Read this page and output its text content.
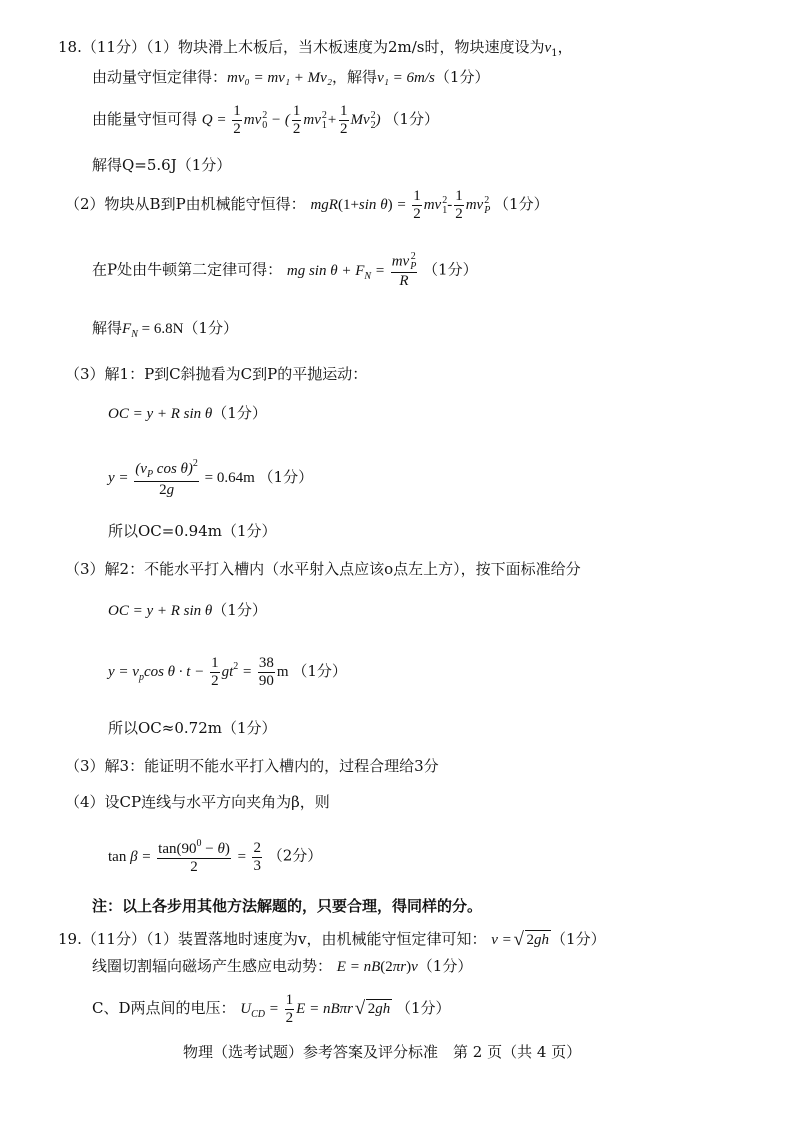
18.（11分）（1）物块滑上木板后，当木板速度为2m/s时，物块速度设为$v_1$，
由动量守恒定律得：mv₀ = mv₁ + Mv₂，解得v₁ = 6m/s（1分）
由能量守恒可得 $Q = \frac{1}{2}$ mv 2
0 − ( $\frac{1}{2}$ mv 2
$1 + \frac{1}{2}$ Mv 2
2 ) （1分）
解得Q=5.6J（1分）
（2）物块从B到P由机械能守恒得： mgR(1+sin $\theta) = \frac{1}{2}$ mv 2
$1 - \frac{1}{2}$ mv 2
P （1分）
在P处由牛顿第二定律可得： mg $\sin \theta + F_N$ = mv 2
P
R （1分）
解得$F_N = 6.8N(1$分）
（3）解1：P到C斜抛看为C到P的平抛运动：
OC = y + R sin θ（1分）
$y = \frac{(v_P \cos \theta)^2}{2g} = 0.64m$ （1分）
所以OC=0.94m（1分）
（3）解2：不能水平打入槽内（水平射入点应该o点左上方），按下面标准给分
OC = y + R sin θ（1分）
$y = v_p\cos$ $\theta \cdot t - \frac{1}{2} gt^2 = \frac{38}{90}$ m （1分）
所以OC≈0.72m（1分）
（3）解3：能证明不能水平打入槽内的，过程合理给3分
（4）设CP连线与水平方向夹角为β，则
$\tan \beta = \frac{\tan(90^0 - \theta)}{2} = \frac{2}{3} (2$分）
注：以上各步用其他方法解题的，只要合理，得同样的分。
19.（11分）（1）装置落地时速度为v，由机械能守恒定律可知： v = √ 2gh （1分）
线圈切割辐向磁场产生感应电动势： E = nB(2πr)v（1分）
C、D两点间的电压： $U_{CD} = \frac{1}{2}$ E = nBπr √ 2gh （1分）
物理（选考试题）参考答案及评分标准　第 2 页（共 4 页）
